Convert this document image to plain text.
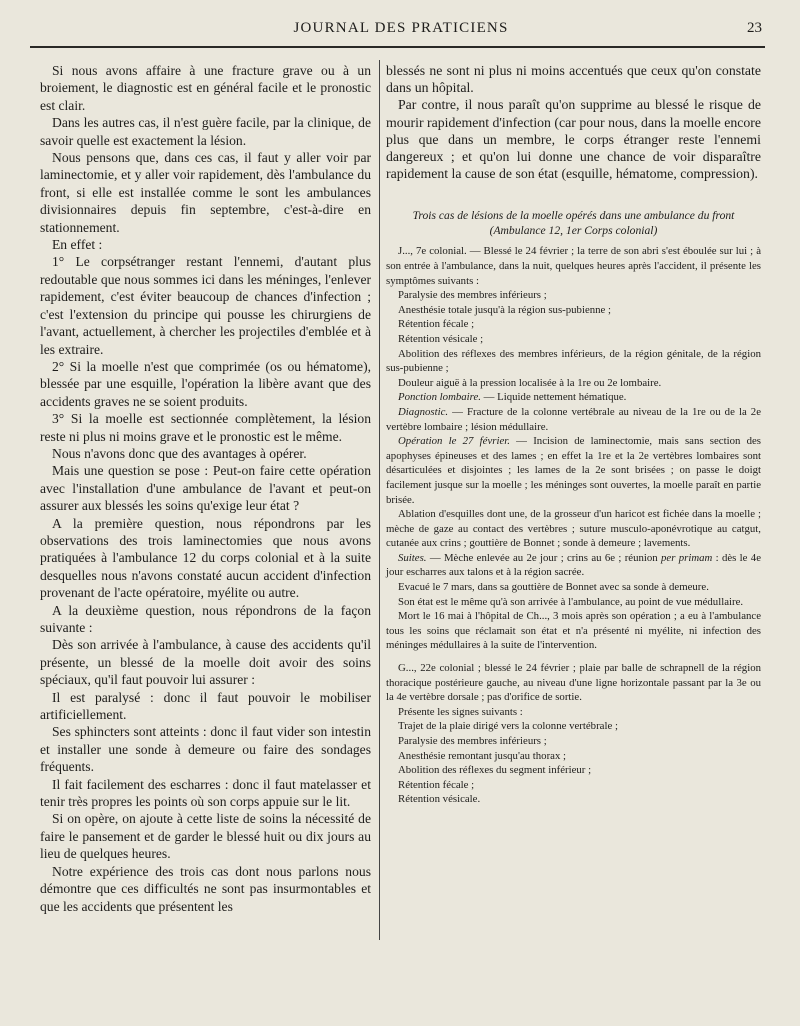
JOURNAL DES PRATICIENS	23

Si nous avons affaire à une fracture grave ou à un broiement, le diagnostic est en général facile et le pronostic est clair.

Dans les autres cas, il n'est guère facile, par la clinique, de savoir quelle est exactement la lésion.

Nous pensons que, dans ces cas, il faut y aller voir par laminectomie, et y aller voir rapidement, dès l'ambulance du front, si elle est installée comme le sont les ambulances divisionnaires depuis fin septembre, c'est-à-dire en stationnement.

En effet :

1° Le corpsétranger restant l'ennemi, d'autant plus redoutable que nous sommes ici dans les méninges, l'enlever rapidement, c'est éviter beaucoup de chances d'infection ; c'est l'extension du principe qui pousse les chirurgiens de l'avant, actuellement, à chercher les projectiles d'emblée et à les extraire.

2° Si la moelle n'est que comprimée (os ou hématome), blessée par une esquille, l'opération la libère avant que des accidents graves ne se soient produits.

3° Si la moelle est sectionnée complètement, la lésion reste ni plus ni moins grave et le pronostic est le même.

Nous n'avons donc que des avantages à opérer.

Mais une question se pose : Peut-on faire cette opération avec l'installation d'une ambulance de l'avant et peut-on assurer aux blessés les soins qu'exige leur état ?

A la première question, nous répondrons par les observations des trois laminectomies que nous avons pratiquées à l'ambulance 12 du corps colonial et à la suite desquelles nous n'avons constaté aucun accident d'infection provenant de l'acte opératoire, myélite ou autre.

A la deuxième question, nous répondrons de la façon suivante :

Dès son arrivée à l'ambulance, à cause des accidents qu'il présente, un blessé de la moelle doit avoir des soins spéciaux, qu'il faut pouvoir lui assurer :

Il est paralysé : donc il faut pouvoir le mobiliser artificiellement.

Ses sphincters sont atteints : donc il faut vider son intestin et installer une sonde à demeure ou faire des sondages fréquents.

Il fait facilement des escharres : donc il faut matelasser et tenir très propres les points où son corps appuie sur le lit.

Si on opère, on ajoute à cette liste de soins la nécessité de faire le pansement et de garder le blessé huit ou dix jours au lieu de quelques heures.

Notre expérience des trois cas dont nous parlons nous démontre que ces difficultés ne sont pas insurmontables et que les accidents que présentent les

blessés ne sont ni plus ni moins accentués que ceux qu'on constate dans un hôpital.

Par contre, il nous paraît qu'on supprime au blessé le risque de mourir rapidement d'infection (car pour nous, dans la moelle encore plus que dans un membre, le corps étranger reste l'ennemi dangereux ; et qu'on lui donne une chance de voir disparaître rapidement la cause de son état (esquille, hématome, compression).

Trois cas de lésions de la moelle opérés dans une ambulance du front (Ambulance 12, 1er Corps colonial)

J..., 7e colonial. — Blessé le 24 février ; la terre de son abri s'est éboulée sur lui ; à son entrée à l'ambulance, dans la nuit, quelques heures après l'accident, il présente les symptômes suivants :

Paralysie des membres inférieurs ;

Anesthésie totale jusqu'à la région sus-pubienne ;

Rétention fécale ;

Rétention vésicale ;

Abolition des réflexes des membres inférieurs, de la région génitale, de la région sus-pubienne ;

Douleur aiguë à la pression localisée à la 1re ou 2e lombaire.

Ponction lombaire. — Liquide nettement hématique.

Diagnostic. — Fracture de la colonne vertébrale au niveau de la 1re ou de la 2e vertèbre lombaire ; lésion médullaire.

Opération le 27 février. — Incision de laminectomie, mais sans section des apophyses épineuses et des lames ; en effet la 1re et la 2e vertèbres lombaires sont désarticulées et disjointes ; les lames de la 2e sont brisées ; on passe le doigt facilement jusque sur la moelle ; les méninges sont ouvertes, la moelle paraît en partie brisée.

Ablation d'esquilles dont une, de la grosseur d'un haricot est fichée dans la moelle ; mèche de gaze au contact des vertèbres ; suture musculo-aponévrotique au catgut, cutanée aux crins ; gouttière de Bonnet ; sonde à demeure ; lavements.

Suites. — Mèche enlevée au 2e jour ; crins au 6e ; réunion per primam : dès le 4e jour escharres aux talons et à la région sacrée.

Evacué le 7 mars, dans sa gouttière de Bonnet avec sa sonde à demeure.

Son état est le même qu'à son arrivée à l'ambulance, au point de vue médullaire.

Mort le 16 mai à l'hôpital de Ch..., 3 mois après son opération ; a eu à l'ambulance tous les soins que réclamait son état et n'a présenté ni myélite, ni infection des méninges médullaires à la suite de l'intervention.

G..., 22e colonial ; blessé le 24 février ; plaie par balle de schrapnell de la région thoracique postérieure gauche, au niveau d'une ligne horizontale passant par la 3e ou la 4e vertèbre dorsale ; pas d'orifice de sortie.

Présente les signes suivants :

Trajet de la plaie dirigé vers la colonne vertébrale ;

Paralysie des membres inférieurs ;

Anesthésie remontant jusqu'au thorax ;

Abolition des réflexes du segment inférieur ;

Rétention fécale ;

Rétention vésicale.
